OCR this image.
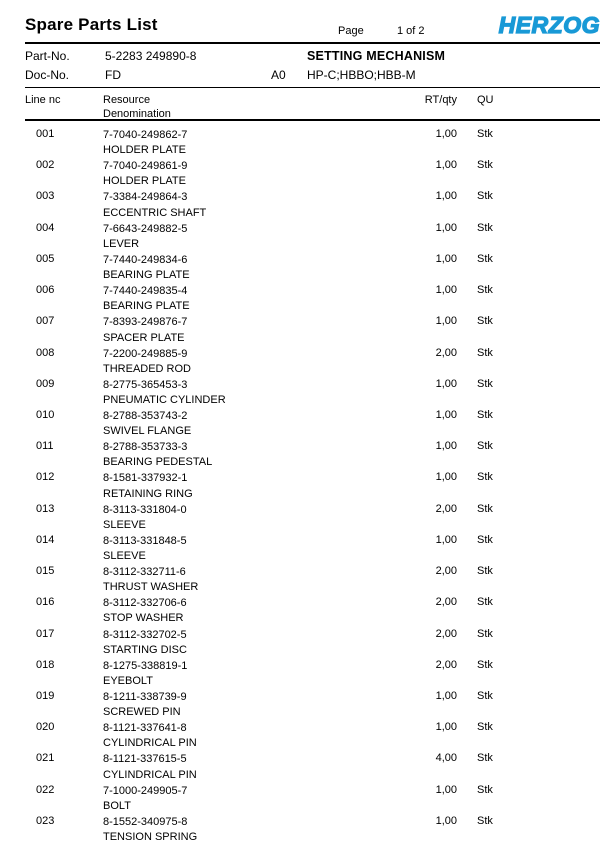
Spare Parts List	Page	1 of 2	HERZOG
Part-No.	5-2283 249890-8	SETTING MECHANISM
Doc-No.	FD	A0 HP-C;HBBO;HBB-M
Line nc	Resource
Denomination
RT/qty QU
001	7-7040-249862-7
HOLDER PLATE
1,00 Stk
002	7-7040-249861-9
HOLDER PLATE
1,00 Stk
003	7-3384-249864-3
ECCENTRIC SHAFT
1,00 Stk
004	7-6643-249882-5
LEVER
1,00 Stk
005	7-7440-249834-6
BEARING PLATE
1,00 Stk
006	7-7440-249835-4
BEARING PLATE
1,00 Stk
007	7-8393-249876-7
SPACER PLATE
1,00 Stk
008	7-2200-249885-9
THREADED ROD
2,00 Stk
009	8-2775-365453-3
PNEUMATIC CYLINDER
1,00 Stk
010	8-2788-353743-2
SWIVEL FLANGE
1,00 Stk
011	8-2788-353733-3
BEARING PEDESTAL
1,00 Stk
012	8-1581-337932-1
RETAINING RING
1,00 Stk
013	8-3113-331804-0
SLEEVE
2,00 Stk
014	8-3113-331848-5
SLEEVE
1,00 Stk
015	8-3112-332711-6
THRUST WASHER
2,00 Stk
016	8-3112-332706-6
STOP WASHER
2,00 Stk
017	8-3112-332702-5
STARTING DISC
2,00 Stk
018	8-1275-338819-1
EYEBOLT
2,00 Stk
019	8-1211-338739-9
SCREWED PIN
1,00 Stk
020	8-1121-337641-8
CYLINDRICAL PIN
1,00 Stk
021	8-1121-337615-5
CYLINDRICAL PIN
4,00 Stk
022	7-1000-249905-7
BOLT
1,00 Stk
023	8-1552-340975-8
TENSION SPRING
1,00 Stk
